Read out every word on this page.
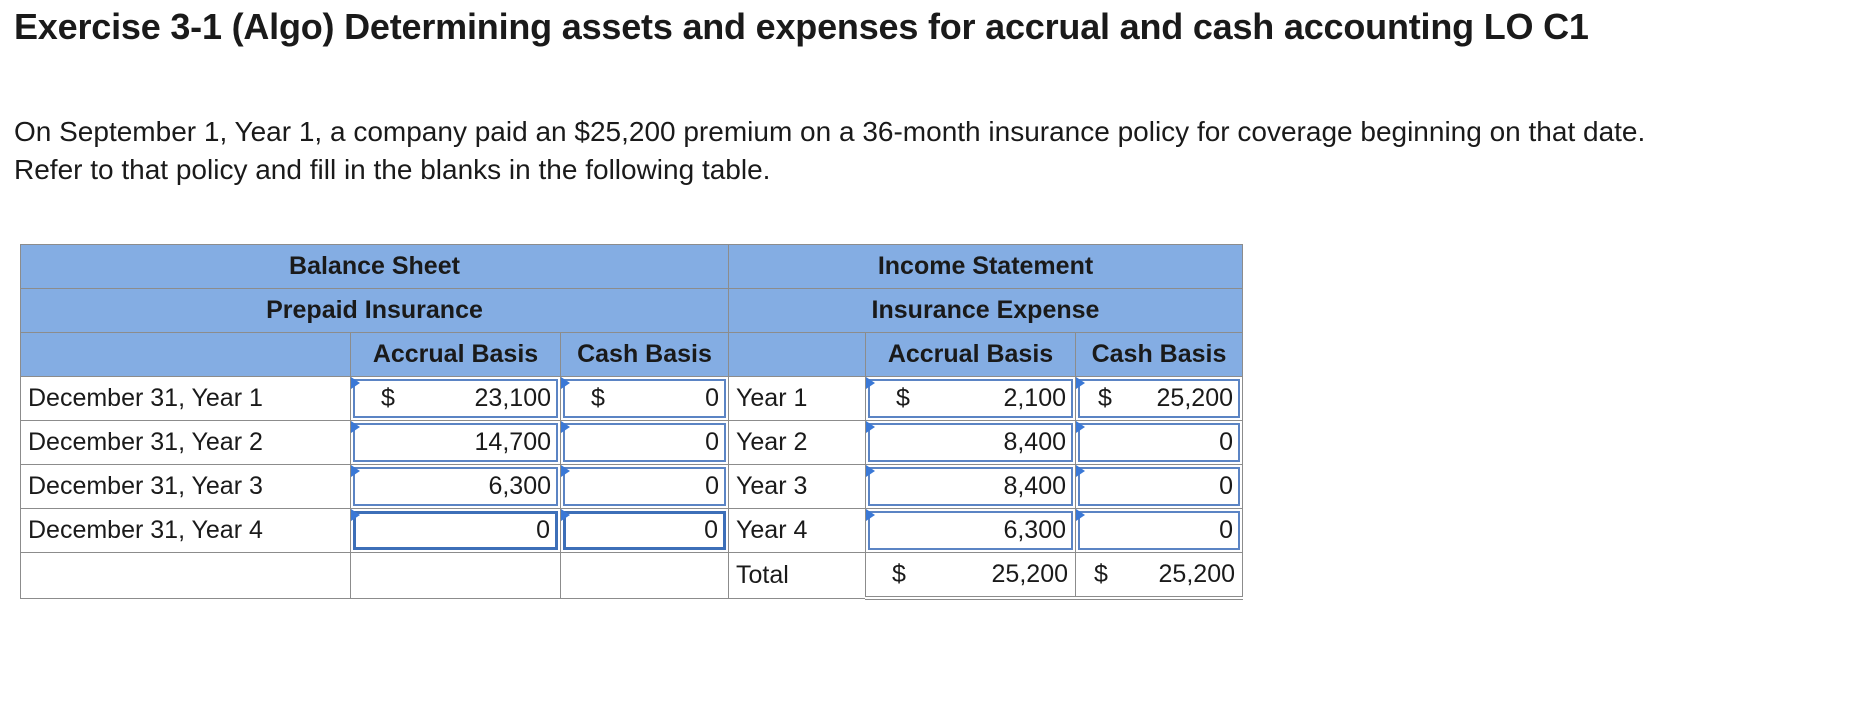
Exercise 3-1 (Algo) Determining assets and expenses for accrual and cash accounting LO C1
On September 1, Year 1, a company paid an $25,200 premium on a 36-month insurance policy for coverage beginning on that date.
Refer to that policy and fill in the blanks in the following table.
Balance Sheet			Income Statement		
Prepaid Insurance			Insurance Expense		
	Accrual Basis	Cash Basis		Accrual Basis	Cash Basis
December 31, Year 1	$ 23,100	$ 0	Year 1	$ 2,100	$ 25,200

December 31, Year 2	14,700	0	Year 2	8,400	0

December 31, Year 3	6,300	0	Year 3	8,400	0

December 31, Year 4	0	0	Year 4	6,300	0

			Total	$ 25,200	$ 25,200
